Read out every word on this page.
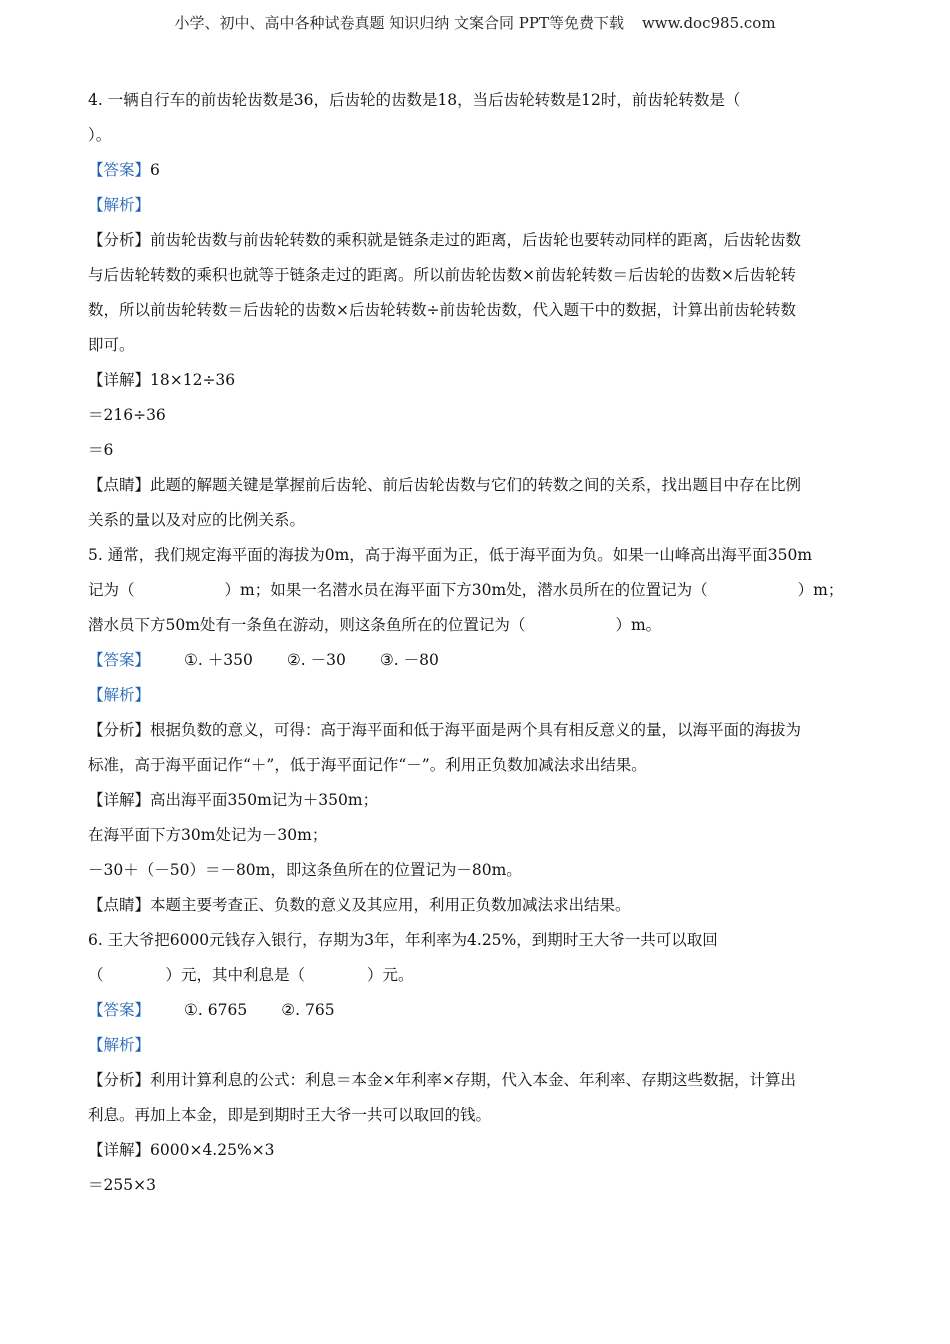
小学、初中、高中各种试卷真题 知识归纳 文案合同 PPT等免费下载 www.doc985.com
4. 一辆自行车的前齿轮齿数是36，后齿轮的齿数是18，当后齿轮转数是12时，前齿轮转数是（
）。
【答案】6
【解析】
【分析】前齿轮齿数与前齿轮转数的乘积就是链条走过的距离，后齿轮也要转动同样的距离，后齿轮齿数
与后齿轮转数的乘积也就等于链条走过的距离。所以前齿轮齿数×前齿轮转数＝后齿轮的齿数×后齿轮转
数，所以前齿轮转数＝后齿轮的齿数×后齿轮转数÷前齿轮齿数，代入题干中的数据，计算出前齿轮转数
即可。
【详解】18×12÷36
＝216÷36
＝6
【点睛】此题的解题关键是掌握前后齿轮、前后齿轮齿数与它们的转数之间的关系，找出题目中存在比例
关系的量以及对应的比例关系。
5. 通常，我们规定海平面的海拔为0m，高于海平面为正，低于海平面为负。如果一山峰高出海平面350m
记为（	）m；如果一名潜水员在海平面下方30m处，潜水员所在的位置记为（	）m；
潜水员下方50m处有一条鱼在游动，则这条鱼所在的位置记为（	）m。
【答案】 ①. ＋350 ②. －30 ③. －80
【解析】
【分析】根据负数的意义，可得：高于海平面和低于海平面是两个具有相反意义的量，以海平面的海拔为
标准，高于海平面记作“＋”，低于海平面记作“－”。利用正负数加减法求出结果。
【详解】高出海平面350m记为＋350m；
在海平面下方30m处记为－30m；
－30＋（－50）＝－80m，即这条鱼所在的位置记为－80m。
【点睛】本题主要考查正、负数的意义及其应用，利用正负数加减法求出结果。
6. 王大爷把6000元钱存入银行，存期为3年，年利率为4.25%，到期时王大爷一共可以取回
（	）元，其中利息是（	）元。
【答案】 ①. 6765 ②. 765
【解析】
【分析】利用计算利息的公式：利息＝本金×年利率×存期，代入本金、年利率、存期这些数据，计算出
利息。再加上本金，即是到期时王大爷一共可以取回的钱。
【详解】6000×4.25%×3
＝255×3
